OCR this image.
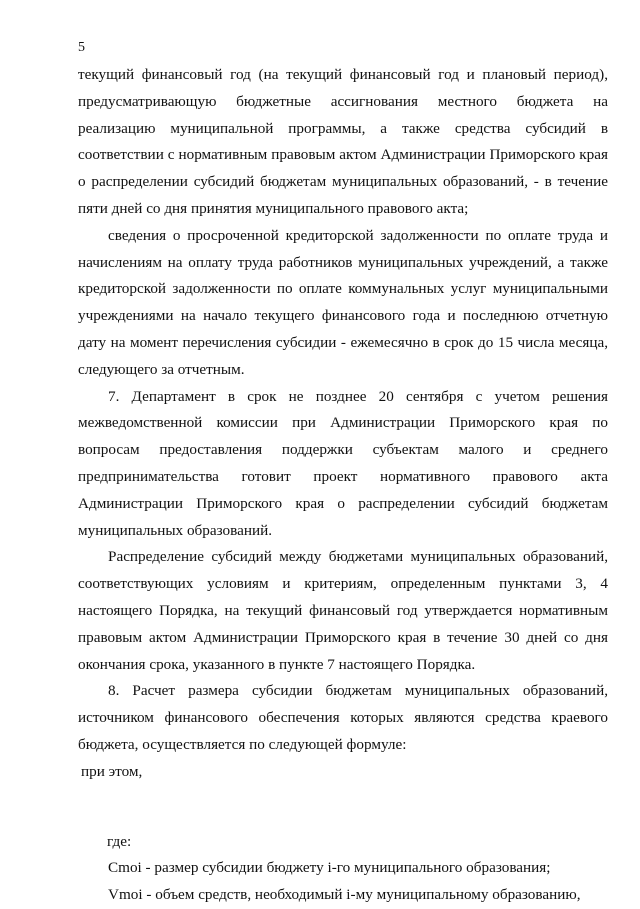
5

текущий финансовый год (на текущий финансовый год и плановый период), предусматривающую бюджетные ассигнования местного бюджета на реализацию муниципальной программы, а также средства субсидий в соответствии с нормативным правовым актом Администрации Приморского края о распределении субсидий бюджетам муниципальных образований, - в течение пяти дней со дня принятия муниципального правового акта;

сведения о просроченной кредиторской задолженности по оплате труда и начислениям на оплату труда работников муниципальных учреждений, а также кредиторской задолженности по оплате коммунальных услуг муниципальными учреждениями на начало текущего финансового года и последнюю отчетную дату на момент перечисления субсидии - ежемесячно в срок до 15 числа месяца, следующего за отчетным.

7. Департамент в срок не позднее 20 сентября с учетом решения межведомственной комиссии при Администрации Приморского края по вопросам предоставления поддержки субъектам малого и среднего предпринимательства готовит проект нормативного правового акта Администрации Приморского края о распределении субсидий бюджетам муниципальных образований.

Распределение субсидий между бюджетами муниципальных образований, соответствующих условиям и критериям, определенным пунктами 3, 4 настоящего Порядка, на текущий финансовый год утверждается нормативным правовым актом Администрации Приморского края в течение 30 дней со дня окончания срока, указанного в пункте 7 настоящего Порядка.

8. Расчет размера субсидии бюджетам муниципальных образований, источником финансового обеспечения которых являются средства краевого бюджета, осуществляется по следующей формуле:

при этом,

где:

Cmoi - размер субсидии бюджету i-го муниципального образования;

Vmoi - объем средств, необходимый i-му муниципальному образованию,
